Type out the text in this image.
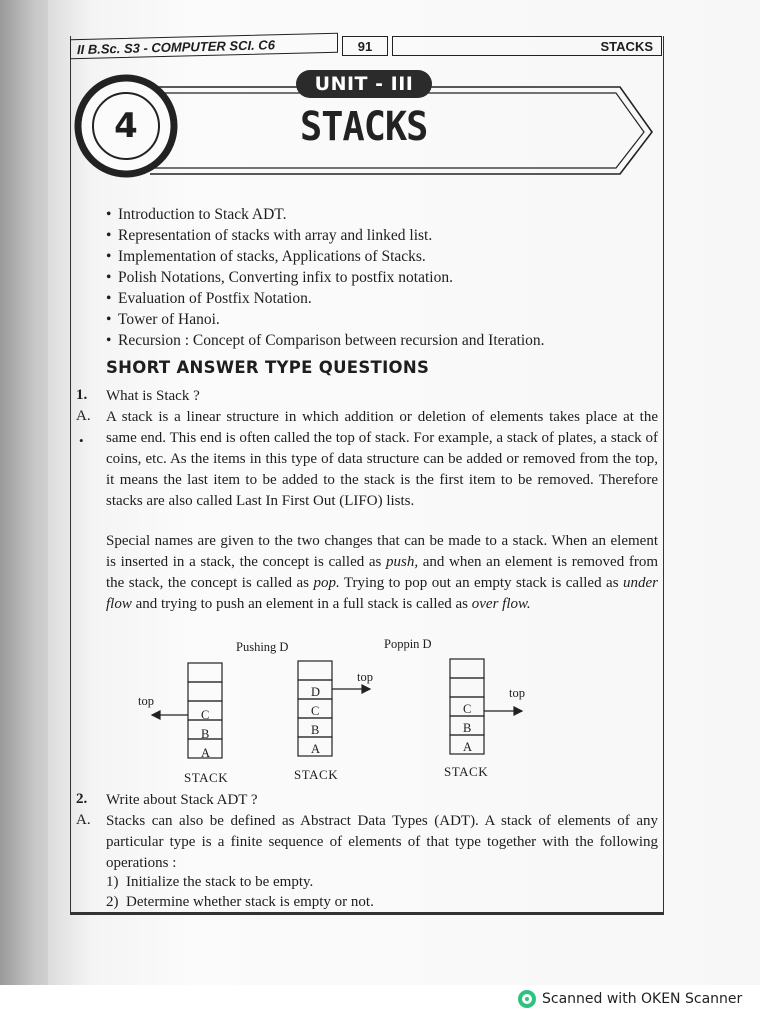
II B.Sc. S3 - COMPUTER SCI. C6	91	STACKS
UNIT - III
4	STACKS
• Introduction to Stack ADT.
• Representation of stacks with array and linked list.
• Implementation of stacks, Applications of Stacks.
• Polish Notations, Converting infix to postfix notation.
• Evaluation of Postfix Notation.
• Tower of Hanoi.
• Recursion : Concept of Comparison between recursion and Iteration.
SHORT ANSWER TYPE QUESTIONS
1. What is Stack ?
A.
•
A stack is a linear structure in which addition or deletion of elements takes place at the same end. This end is often called the top of stack. For example, a stack of plates, a stack of coins, etc. As the items in this type of data structure can be added or removed from the top, it means the last item to be added to the stack is the first item to be removed. Therefore stacks are also called Last In First Out (LIFO) lists.
Special names are given to the two changes that can be made to a stack. When an element is inserted in a stack, the concept is called as push, and when an element is removed from the stack, the concept is called as pop. Trying to pop out an empty stack is called as under flow and trying to push an element in a full stack is called as over flow.
Pushing D	Poppin D
C
B
A
D
C
B
A
C
B
A
top
top
top
STACK	STACK	STACK
2. Write about Stack ADT ?
A. Stacks can also be defined as Abstract Data Types (ADT). A stack of elements of any particular type is a finite sequence of elements of that type together with the following operations :
1) Initialize the stack to be empty.
2) Determine whether stack is empty or not.
Scanned with OKEN Scanner
